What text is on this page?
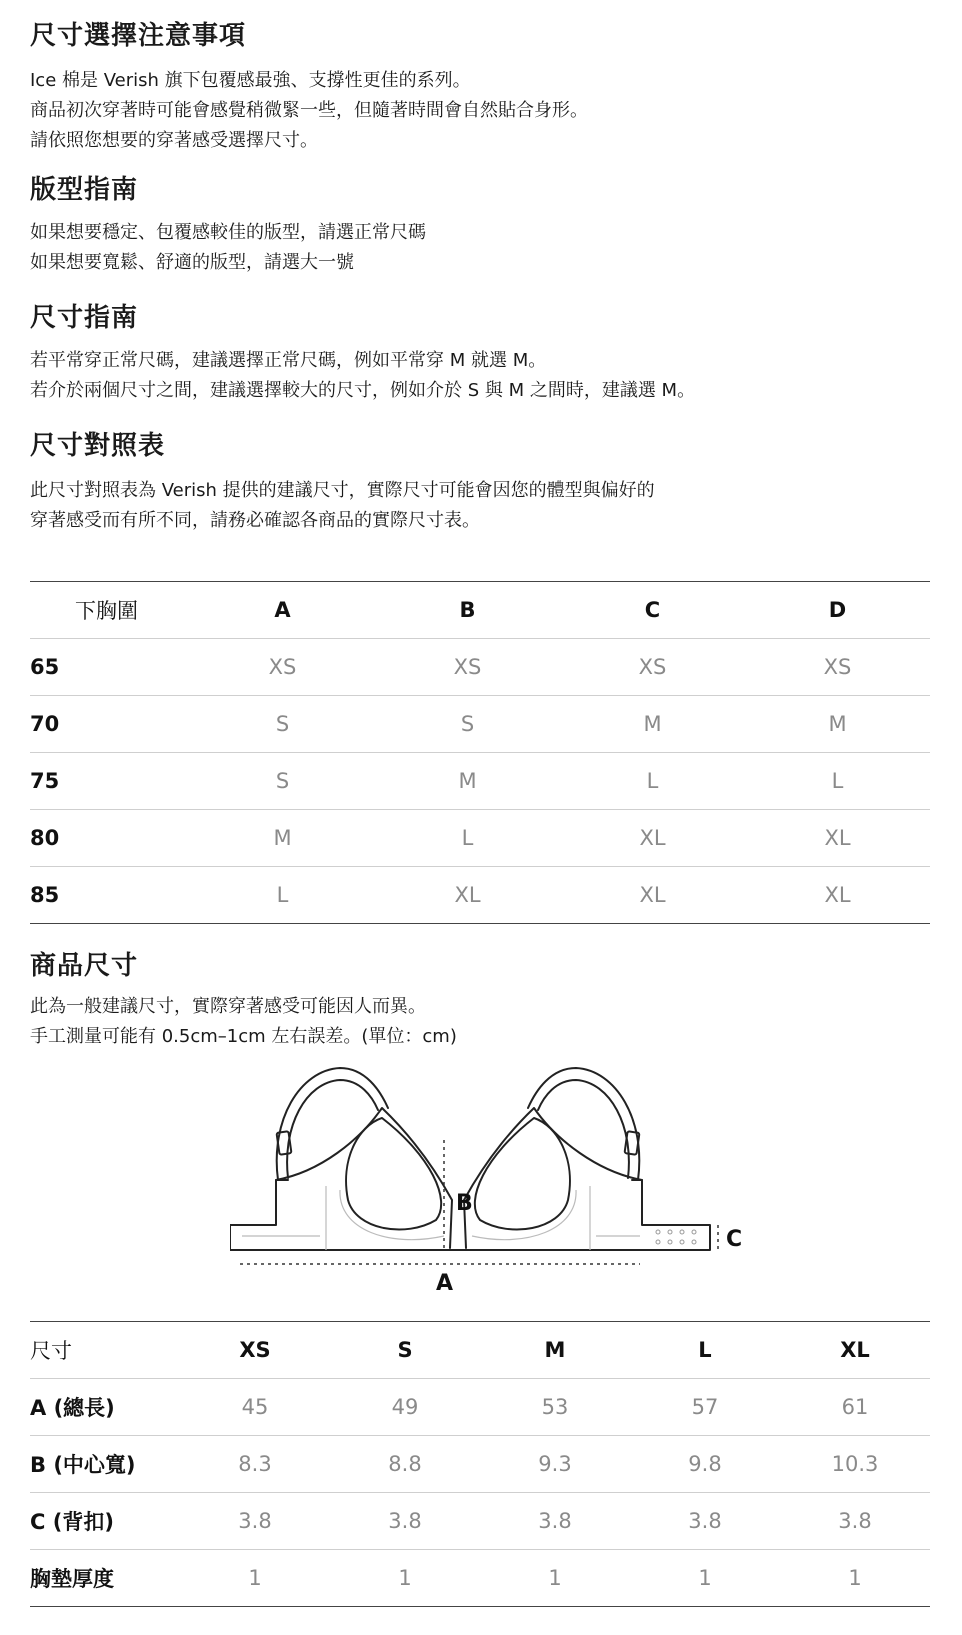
尺寸選擇注意事項

Ice 棉是 Verish 旗下包覆感最強、支撐性更佳的系列。

商品初次穿著時可能會感覺稍微緊一些，但隨著時間會自然貼合身形。

請依照您想要的穿著感受選擇尺寸。

版型指南

如果想要穩定、包覆感較佳的版型，請選正常尺碼

如果想要寬鬆、舒適的版型，請選大一號

尺寸指南

若平常穿正常尺碼，建議選擇正常尺碼，例如平常穿 M 就選 M。

若介於兩個尺寸之間，建議選擇較大的尺寸，例如介於 S 與 M 之間時，建議選 M。

尺寸對照表

此尺寸對照表為 Verish 提供的建議尺寸，實際尺寸可能會因您的體型與偏好的

穿著感受而有所不同，請務必確認各商品的實際尺寸表。

下胸圍	A	B	C	D
65	XS	XS	XS	XS
70	S	S	M	M
75	S	M	L	L
80	M	L	XL	XL
85	L	XL	XL	XL
商品尺寸

此為一般建議尺寸，實際穿著感受可能因人而異。

手工測量可能有 0.5cm–1cm 左右誤差。(單位：cm)

B
A
C
尺寸	XS	S	M	L	XL
A (總長)	45	49	53	57	61
B (中心寬)	8.3	8.8	9.3	9.8	10.3
C (背扣)	3.8	3.8	3.8	3.8	3.8
胸墊厚度	1	1	1	1	1
